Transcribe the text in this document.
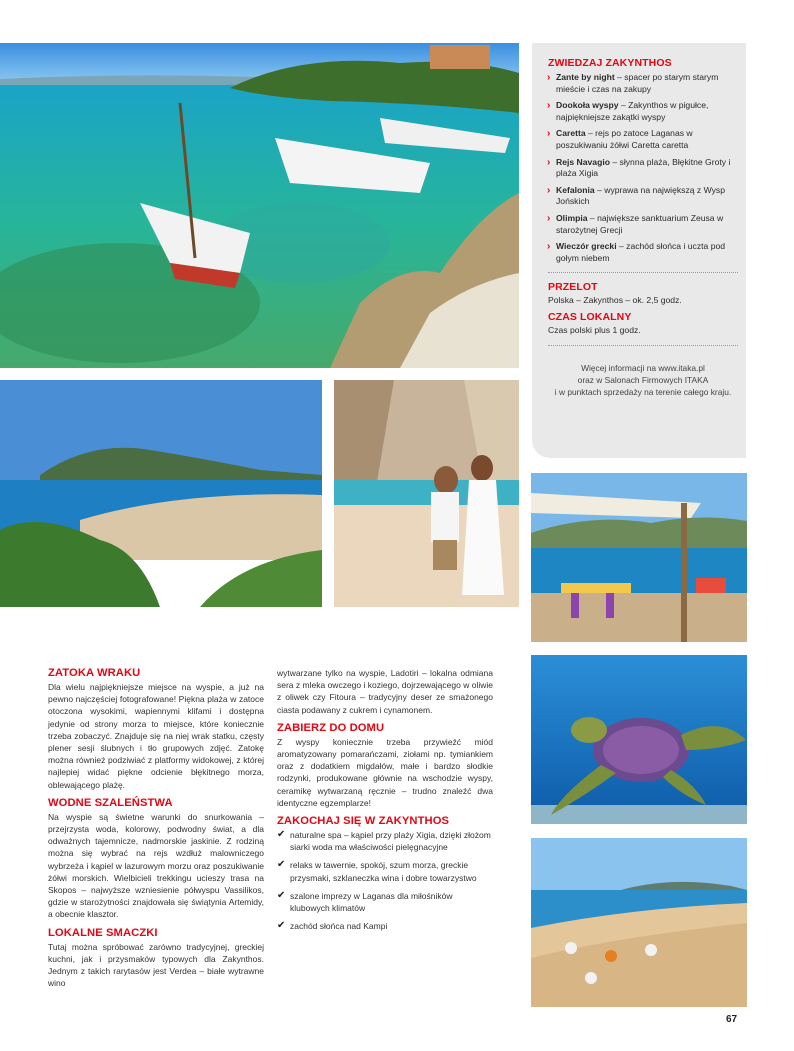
ZWIEDZAJ ZAKYNTHOS
› Zante by night – spacer po starym starym mieście i czas na zakupy
› Dookoła wyspy – Zakynthos w pigułce, najpiękniejsze zakątki wyspy
› Caretta – rejs po zatoce Laganas w poszukiwaniu żółwi Caretta caretta
› Rejs Navagio – słynna plaża, Błękitne Groty i plaża Xigia
› Kefalonia – wyprawa na największą z Wysp Jońskich
› Olimpia – największe sanktuarium Zeusa w starożytnej Grecji
› Wieczór grecki – zachód słońca i uczta pod gołym niebem
PRZELOT

Polska – Zakynthos – ok. 2,5 godz.

CZAS LOKALNY

Czas polski plus 1 godz.

Więcej informacji na www.itaka.pl
oraz w Salonach Firmowych ITAKA
i w punktach sprzedaży na terenie całego kraju.
ZATOKA WRAKU

Dla wielu najpiękniejsze miejsce na wyspie, a już na pewno najczęściej fotografowane! Piękna plaża w zatoce otoczona wysokimi, wapiennymi klifami i dostępna jedynie od strony morza to miejsce, które koniecznie trzeba zobaczyć. Znajduje się na niej wrak statku, częsty plener sesji ślubnych i tło grupowych zdjęć. Zatokę można również podziwiać z platformy widokowej, z której najlepiej widać piękne odcienie błękitnego morza, oblewającego plażę.

WODNE SZALEŃSTWA

Na wyspie są świetne warunki do snurkowania – przejrzysta woda, kolorowy, podwodny świat, a dla odważnych tajemnicze, nadmorskie jaskinie. Z rodziną można się wybrać na rejs wzdłuż malowniczego wybrzeża i kąpiel w lazurowym morzu oraz poszukiwanie żółwi morskich. Wielbicieli trekkingu ucieszy trasa na Skopos – najwyższe wzniesienie półwyspu Vassilikos, gdzie w starożytności znajdowała się świątynia Artemidy, a obecnie klasztor.

LOKALNE SMACZKI

Tutaj można spróbować zarówno tradycyjnej, greckiej kuchni, jak i przysmaków typowych dla Zakynthos. Jednym z takich rarytasów jest Verdea – białe wytrawne wino

wytwarzane tylko na wyspie, Ladotiri – lokalna odmiana sera z mleka owczego i koziego, dojrzewającego w oliwie z oliwek czy Fitoura – tradycyjny deser ze smażonego ciasta podawany z cukrem i cynamonem.

ZABIERZ DO DOMU

Z wyspy koniecznie trzeba przywieźć miód aromatyzowany pomarańczami, ziołami np. tymiankiem oraz z dodatkiem migdałów, małe i bardzo słodkie rodzynki, produkowane głównie na wschodzie wyspy, ceramikę wytwarzaną ręcznie – trudno znaleźć dwa identyczne egzemplarze!

ZAKOCHAJ SIĘ W ZAKYNTHOS
✔ naturalne spa – kąpiel przy plaży Xigia, dzięki złożom siarki woda ma właściwości pielęgnacyjne
✔ relaks w tawernie, spokój, szum morza, greckie przysmaki, szklaneczka wina i dobre towarzystwo
✔ szalone imprezy w Laganas dla miłośników klubowych klimatów
✔ zachód słońca nad Kampi
67
